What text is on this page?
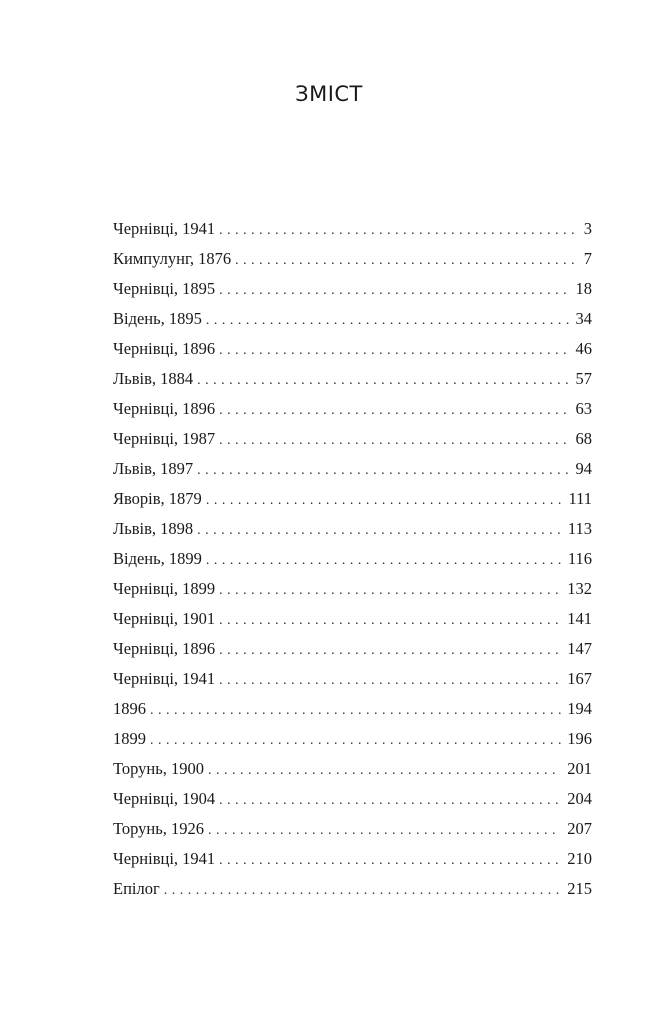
ЗМІСТ
Чернівці, 1941 . . .	3
Кимпулунг, 1876 . . .	7
Чернівці, 1895 . . .	18
Відень, 1895 . . .	34
Чернівці, 1896 . . .	46
Львів, 1884 . . .	57
Чернівці, 1896 . . .	63
Чернівці, 1987 . . .	68
Львів, 1897 . . .	94
Яворів, 1879 . . .	111
Львів, 1898 . . .	113
Відень, 1899 . . .	116
Чернівці, 1899 . . .	132
Чернівці, 1901 . . .	141
Чернівці, 1896 . . .	147
Чернівці, 1941 . . .	167
1896 . . .	194
1899 . . .	196
Торунь, 1900 . . .	201
Чернівці, 1904 . . .	204
Торунь, 1926 . . .	207
Чернівці, 1941 . . .	210
Епілог . . .	215
